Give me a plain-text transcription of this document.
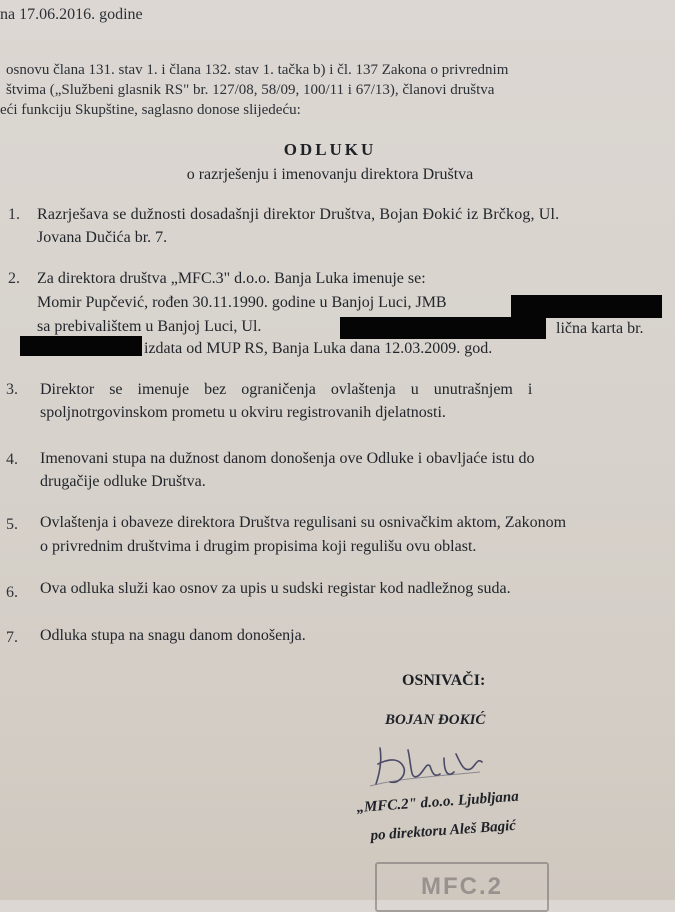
na 17.06.2016. godine
osnovu člana 131. stav 1. i člana 132. stav 1. tačka b) i čl. 137 Zakona o privrednim
štvima („Službeni glasnik RS" br. 127/08, 58/09, 100/11 i 67/13), članovi društva
eći funkciju Skupštine, saglasno donose slijedeću:
ODLUKU
o razrješenju i imenovanju direktora Društva
1. Razrješava se dužnosti dosadašnji direktor Društva, Bojan Đokić iz Brčkog, Ul.
Jovana Dučića br. 7.
2. Za direktora društva „MFC.3" d.o.o. Banja Luka imenuje se:
Momir Pupčević, rođen 30.11.1990. godine u Banjoj Luci, JMB
sa prebivalištem u Banjoj Luci, Ul.	lična karta br.
izdata od MUP RS, Banja Luka dana 12.03.2009. god.
3. Direktor se imenuje bez ograničenja ovlaštenja u unutrašnjem i
spoljnotrgovinskom prometu u okviru registrovanih djelatnosti.
4. Imenovani stupa na dužnost danom donošenja ove Odluke i obavljaće istu do
drugačije odluke Društva.
5. Ovlaštenja i obaveze direktora Društva regulisani su osnivačkim aktom, Zakonom
o privrednim društvima i drugim propisima koji regulišu ovu oblast.
6. Ova odluka služi kao osnov za upis u sudski registar kod nadležnog suda.
7. Odluka stupa na snagu danom donošenja.
OSNIVAČI:
BOJAN ĐOKIĆ
„MFC.2" d.o.o. Ljubljana
po direktoru Aleš Bagić
MFC.2
